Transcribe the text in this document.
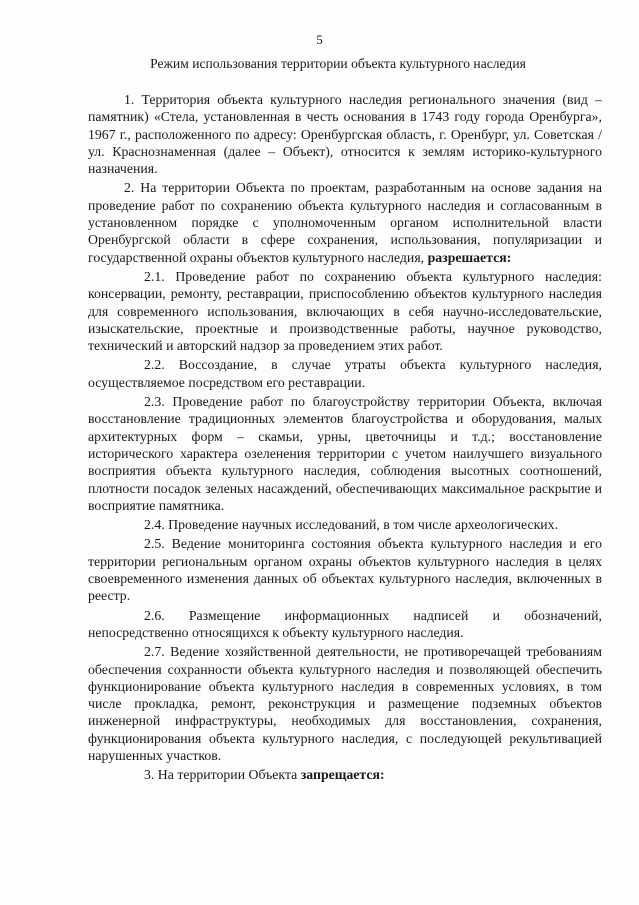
5
Режим использования территории объекта культурного наследия

1. Территория объекта культурного наследия регионального значения (вид – памятник) «Стела, установленная в честь основания в 1743 году города Оренбурга», 1967 г., расположенного по адресу: Оренбургская область, г. Оренбург, ул. Советская / ул. Краснознаменная (далее – Объект), относится к землям историко-культурного назначения.

2. На территории Объекта по проектам, разработанным на основе задания на проведение работ по сохранению объекта культурного наследия и согласованным в установленном порядке с уполномоченным органом исполнительной власти Оренбургской области в сфере сохранения, использования, популяризации и государственной охраны объектов культурного наследия, разрешается:

2.1. Проведение работ по сохранению объекта культурного наследия: консервации, ремонту, реставрации, приспособлению объектов культурного наследия для современного использования, включающих в себя научно-исследовательские, изыскательские, проектные и производственные работы, научное руководство, технический и авторский надзор за проведением этих работ.

2.2. Воссоздание, в случае утраты объекта культурного наследия, осуществляемое посредством его реставрации.

2.3. Проведение работ по благоустройству территории Объекта, включая восстановление традиционных элементов благоустройства и оборудования, малых архитектурных форм – скамьи, урны, цветочницы и т.д.; восстановление исторического характера озеленения территории с учетом наилучшего визуального восприятия объекта культурного наследия, соблюдения высотных соотношений, плотности посадок зеленых насаждений, обеспечивающих максимальное раскрытие и восприятие памятника.

2.4. Проведение научных исследований, в том числе археологических.

2.5. Ведение мониторинга состояния объекта культурного наследия и его территории региональным органом охраны объектов культурного наследия в целях своевременного изменения данных об объектах культурного наследия, включенных в реестр.

2.6. Размещение информационных надписей и обозначений, непосредственно относящихся к объекту культурного наследия.

2.7. Ведение хозяйственной деятельности, не противоречащей требованиям обеспечения сохранности объекта культурного наследия и позволяющей обеспечить функционирование объекта культурного наследия в современных условиях, в том числе прокладка, ремонт, реконструкция и размещение подземных объектов инженерной инфраструктуры, необходимых для восстановления, сохранения, функционирования объекта культурного наследия, с последующей рекультивацией нарушенных участков.

3. На территории Объекта запрещается:
